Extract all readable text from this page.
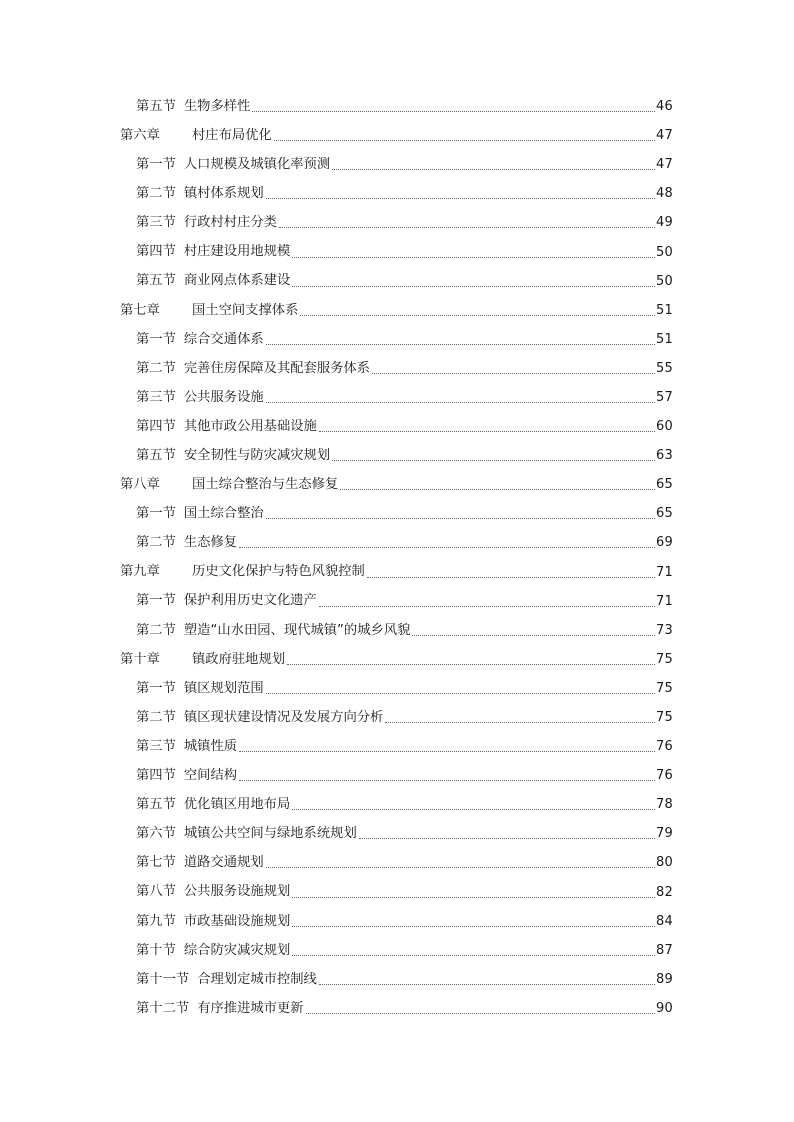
第五节 生物多样性	46
第六章 村庄布局优化	47
第一节 人口规模及城镇化率预测	47
第二节 镇村体系规划	48
第三节 行政村村庄分类	49
第四节 村庄建设用地规模	50
第五节 商业网点体系建设	50
第七章 国土空间支撑体系	51
第一节 综合交通体系	51
第二节 完善住房保障及其配套服务体系	55
第三节 公共服务设施	57
第四节 其他市政公用基础设施	60
第五节 安全韧性与防灾减灾规划	63
第八章 国土综合整治与生态修复	65
第一节 国土综合整治	65
第二节 生态修复	69
第九章 历史文化保护与特色风貌控制	71
第一节 保护利用历史文化遗产	71
第二节 塑造“山水田园、现代城镇”的城乡风貌	73
第十章 镇政府驻地规划	75
第一节 镇区规划范围	75
第二节 镇区现状建设情况及发展方向分析	75
第三节 城镇性质	76
第四节 空间结构	76
第五节 优化镇区用地布局	78
第六节 城镇公共空间与绿地系统规划	79
第七节 道路交通规划	80
第八节 公共服务设施规划	82
第九节 市政基础设施规划	84
第十节 综合防灾减灾规划	87
第十一节 合理划定城市控制线	89
第十二节 有序推进城市更新	90
